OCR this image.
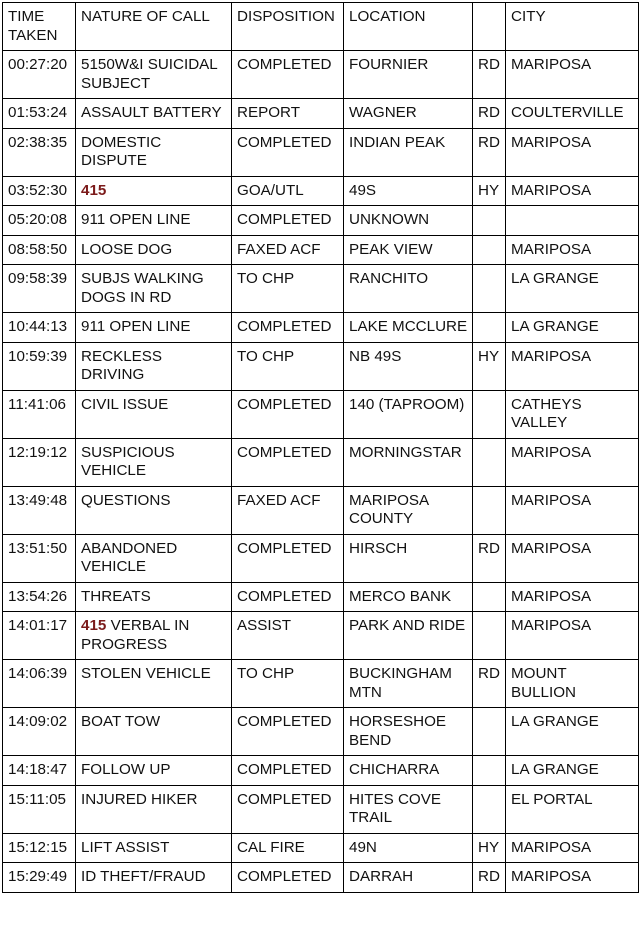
TIME TAKEN	NATURE OF CALL	DISPOSITION	LOCATION		CITY
00:27:20	5150W&I SUICIDAL SUBJECT	COMPLETED	FOURNIER	RD	MARIPOSA
01:53:24	ASSAULT BATTERY	REPORT	WAGNER	RD	COULTERVILLE
02:38:35	DOMESTIC DISPUTE	COMPLETED	INDIAN PEAK	RD	MARIPOSA
03:52:30	415	GOA/UTL	49S	HY	MARIPOSA
05:20:08	911 OPEN LINE	COMPLETED	UNKNOWN		
08:58:50	LOOSE DOG	FAXED ACF	PEAK VIEW		MARIPOSA
09:58:39	SUBJS WALKING DOGS IN RD	TO CHP	RANCHITO		LA GRANGE
10:44:13	911 OPEN LINE	COMPLETED	LAKE MCCLURE		LA GRANGE
10:59:39	RECKLESS DRIVING	TO CHP	NB 49S	HY	MARIPOSA
11:41:06	CIVIL ISSUE	COMPLETED	140 (TAPROOM)		CATHEYS VALLEY
12:19:12	SUSPICIOUS VEHICLE	COMPLETED	MORNINGSTAR		MARIPOSA
13:49:48	QUESTIONS	FAXED ACF	MARIPOSA COUNTY		MARIPOSA
13:51:50	ABANDONED VEHICLE	COMPLETED	HIRSCH	RD	MARIPOSA
13:54:26	THREATS	COMPLETED	MERCO BANK		MARIPOSA
14:01:17	415 VERBAL IN PROGRESS	ASSIST	PARK AND RIDE		MARIPOSA
14:06:39	STOLEN VEHICLE	TO CHP	BUCKINGHAM MTN	RD	MOUNT BULLION
14:09:02	BOAT TOW	COMPLETED	HORSESHOE BEND		LA GRANGE
14:18:47	FOLLOW UP	COMPLETED	CHICHARRA		LA GRANGE
15:11:05	INJURED HIKER	COMPLETED	HITES COVE TRAIL		EL PORTAL
15:12:15	LIFT ASSIST	CAL FIRE	49N	HY	MARIPOSA
15:29:49	ID THEFT/FRAUD	COMPLETED	DARRAH	RD	MARIPOSA
